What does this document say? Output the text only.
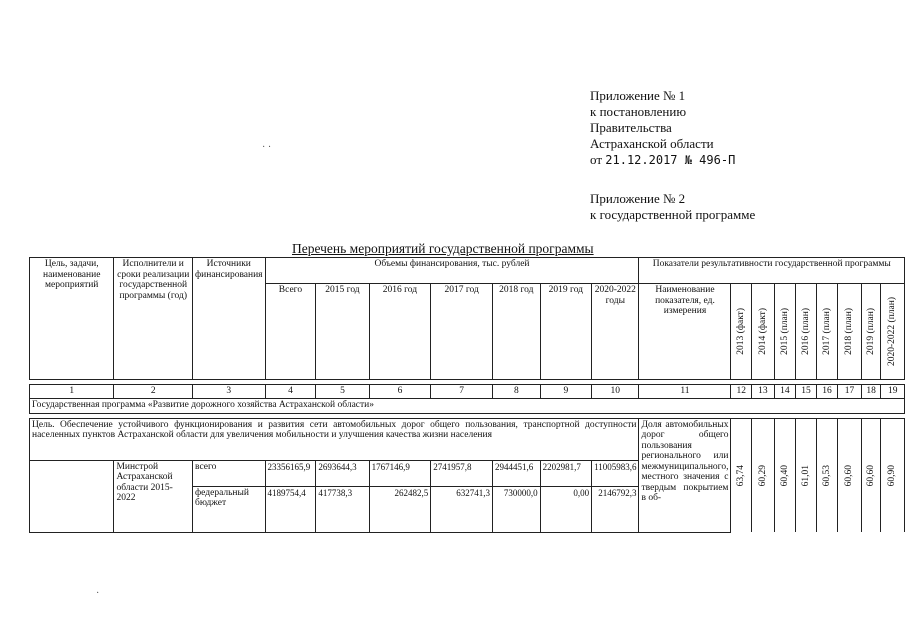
Приложение № 1
к постановлению
Правительства
Астраханской области
от 21.12.2017 № 496-П
Приложение № 2
к государственной программе
Перечень мероприятий государственной программы
· ·
·
Цель, задачи, наименование мероприятий	Исполнители и сроки реализации государственной программы (год)	Источники финансирования	Объемы финансирования, тыс. рублей							Показатели результативности государственной программы								
			Всего	2015 год	2016 год	2017 год	2018 год	2019 год	2020-2022 годы	Наименование показателя, ед. измерения	2013 (факт)	2014 (факт)	2015 (план)	2016 (план)	2017 (план)	2018 (план)	2019 (план)	2020-2022 (план)

1	2	3	4	5	6	7	8	9	10	11	12	13	14	15	16	17	18	19
Государственная программа «Развитие дорожного хозяйства Астраханской области»																		

Цель. Обеспечение устойчивого функционирования и развития сети автомобильных дорог общего пользования, транспортной доступности населенных пунктов Астраханской области для увеличения мобильности и улучшения качества жизни населения										Доля автомобильных дорог общего пользования регионального или межмуниципального, местного значения с твердым покрытием в об-	63,74	60,29	60,40	61,01	60,53	60,60	60,60	60,90

	Минстрой Астраханской области 2015-2022	всего	23356165,9	2693644,3	1767146,9	2741957,8	2944451,6	2202981,7	11005983,6									
		федеральный бюджет	4189754,4	417738,3	262482,5	632741,3	730000,0	0,00	2146792,3									
